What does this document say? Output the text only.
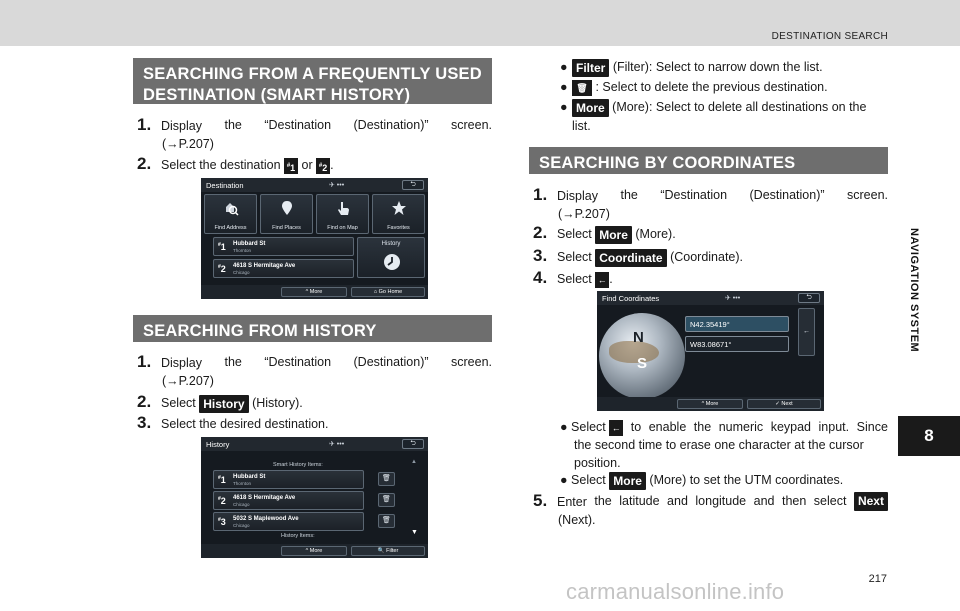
DESTINATION SEARCH
NAVIGATION SYSTEM
8
SEARCHING FROM A FREQUENTLY USED
DESTINATION (SMART HISTORY)
1. Display the “Destination (Destination)” screen.
(→P.207)
2. Select the destination #1 or #2 .
Destination	✈ •••	⮌
Find Address	Find Places	Find on Map	Favorites
#1 Hubbard St
Thornton
#2 4618 S Hermitage Ave
Chicago
History
^ More	⌂ Go Home
SEARCHING FROM HISTORY
1. Display the “Destination (Destination)” screen.
(→P.207)
2. Select History (History).
3. Select the desired destination.
History	✈ •••	⮌
Smart History Items:
#1 Hubbard St
Thornton
🗑
#2 4618 S Hermitage Ave
Chicago
🗑
#3 5032 S Maplewood Ave
Chicago
🗑
▲
▼
History Items:
^ More	🔍 Filter
● Filter (Filter): Select to narrow down the list.
● 🗑 : Select to delete the previous destination.
● More (More): Select to delete all destinations on the
list.
SEARCHING BY COORDINATES
1. Display the “Destination (Destination)” screen.
(→P.207)
2. Select More (More).
3. Select Coordinate (Coordinate).
4. Select ← .
Find Coordinates	✈ •••	⮌
N
S
N42.35419°
W83.08671°
←
^ More	✓ Next
● Select ← to enable the numeric keypad input. Since
the second time to erase one character at the cursor
position.
● Select More (More) to set the UTM coordinates.
5. Enter the latitude and longitude and then select Next
(Next).
217
carmanualsonline.info
